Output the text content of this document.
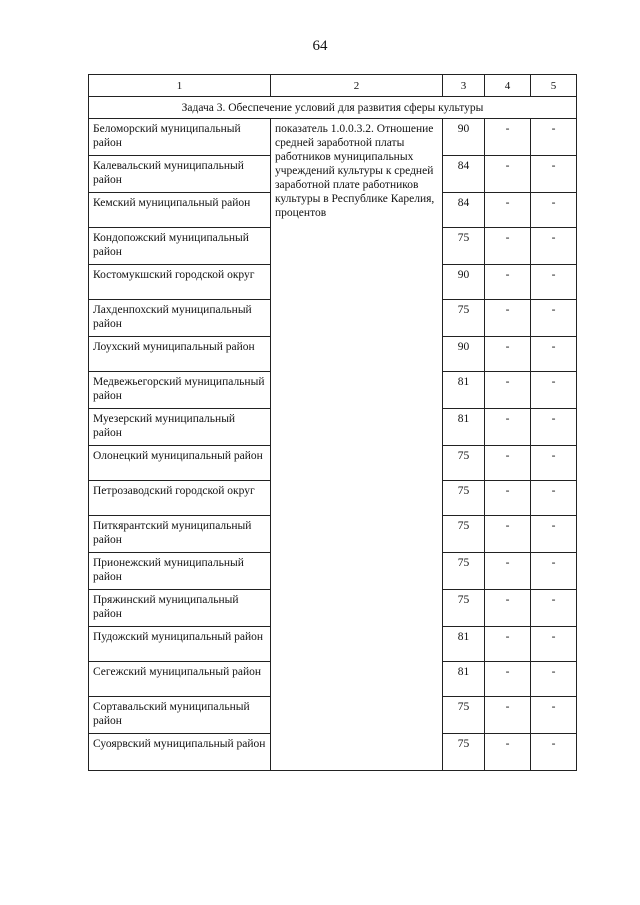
64
1	2	3	4	5
Задача 3. Обеспечение условий для развития сферы культуры				
Беломорский муниципальный район	показатель 1.0.0.3.2. Отношение средней заработной платы работников муниципальных учреждений культуры к средней заработной плате работников культуры в Республике Карелия, процентов	90	-	-
Калевальский муниципальный район		84	-	-
Кемский муниципальный район		84	-	-
Кондопожский муниципальный район		75	-	-
Костомукшский городской округ		90	-	-
Лахденпохский муниципальный район		75	-	-
Лоухский муниципальный район		90	-	-
Медвежьегорский муниципальный район		81	-	-
Муезерский муниципальный район		81	-	-
Олонецкий муниципальный район		75	-	-
Петрозаводский городской округ		75	-	-
Питкярантский муниципальный район		75	-	-
Прионежский муниципальный район		75	-	-
Пряжинский муниципальный район		75	-	-
Пудожский муниципальный район		81	-	-
Сегежский муниципальный район		81	-	-
Сортавальский муниципальный район		75	-	-
Суоярвский муниципальный район		75	-	-
